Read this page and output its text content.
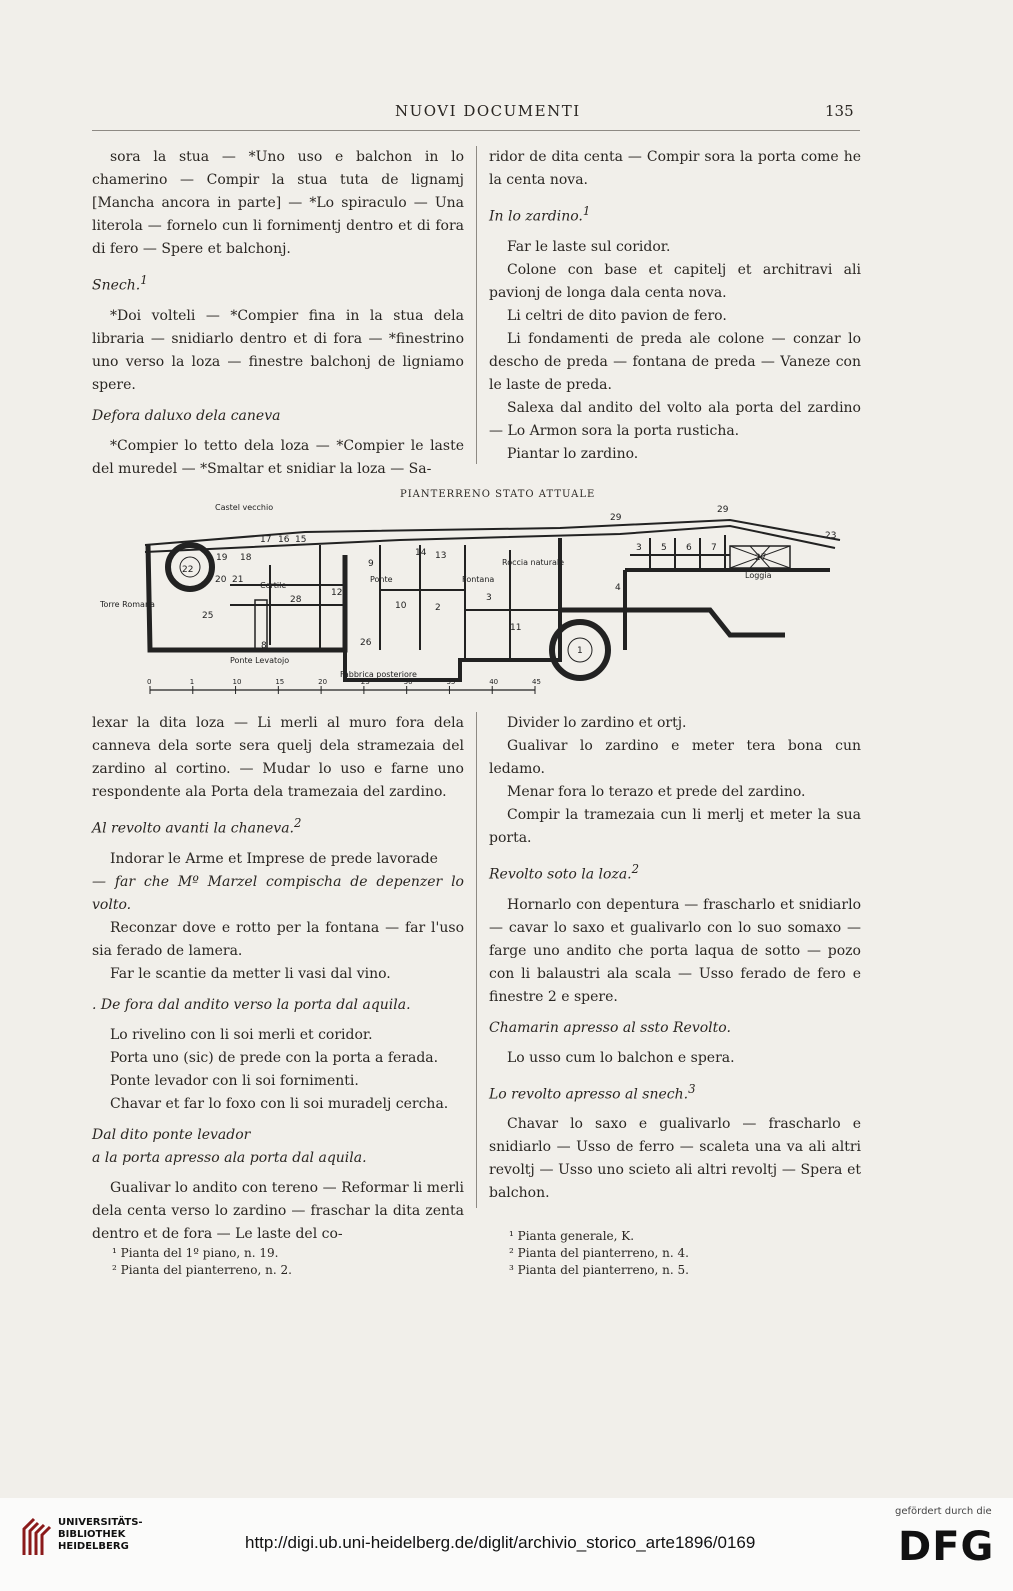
NUOVI DOCUMENTI	135

sora la stua — *Uno uso e balchon in lo chamerino — Compir la stua tuta de lignamj [Mancha ancora in parte] — *Lo spiraculo — Una literola — fornelo cun li fornimentj dentro et di fora di fero — Spere et balchonj.

Snech.$^1$

*Doi volteli — *Compier fina in la stua dela libraria — snidiarlo dentro et di fora — *finestrino uno verso la loza — finestre balchonj de ligniamo spere.

Defora daluxo dela caneva

*Compier lo tetto dela loza — *Compier le laste del muredel — *Smaltar et snidiar la loza — Sa-

ridor de dita centa — Compir sora la porta come he la centa nova.

In lo zardino.$^1$

Far le laste sul coridor.

Colone con base et capitelj et architravi ali pavionj de longa dala centa nova.

Li celtri de dito pavion de fero.

Li fondamenti de preda ale colone — conzar lo descho de preda — fontana de preda — Vaneze con le laste de preda.

Salexa dal andito del volto ala porta del zardino — Lo Armon sora la porta rusticha.

Piantar lo zardino.

PIANTERRENO STATO ATTUALE
Castel vecchio
Torre Romana
Cortile
Ponte
Ponte Levatojo
Fontana
Roccia naturale
Loggia
Fabbrica posteriore
29
29
23
27
3 5 6 7
4
1
2
3
11
12
13
14
15
16
17
18
19
20 21
22
25
26
28
9
8
10
0	1	10	15	20	25	30	35	40	45

lexar la dita loza — Li merli al muro fora dela canneva dela sorte sera quelj dela stramezaia del zardino al cortino. — Mudar lo uso e farne uno respondente ala Porta dela tramezaia del zardino.

Al revolto avanti la chaneva.$^2$

Indorar le Arme et Imprese de prede lavorade

— far che Mº Marzel compischa de depenzer lo volto.

Reconzar dove e rotto per la fontana — far l'uso sia ferado de lamera.

Far le scantie da metter li vasi dal vino.

. De fora dal andito verso la porta dal aquila.

Lo rivelino con li soi merli et coridor.

Porta uno (sic) de prede con la porta a ferada.

Ponte levador con li soi fornimenti.

Chavar et far lo foxo con li soi muradelj cercha.

Dal dito ponte levador

a la porta apresso ala porta dal aquila.

Gualivar lo andito con tereno — Reformar li merli dela centa verso lo zardino — fraschar la dita zenta dentro et de fora — Le laste del co-

Divider lo zardino et ortj.

Gualivar lo zardino e meter tera bona cun ledamo.

Menar fora lo terazo et prede del zardino.

Compir la tramezaia cun li merlj et meter la sua porta.

Revolto soto la loza.$^2$

Hornarlo con depentura — frascharlo et snidiarlo — cavar lo saxo et gualivarlo con lo suo somaxo — farge uno andito che porta laqua de sotto — pozo con li balaustri ala scala — Usso ferado de fero e finestre 2 e spere.

Chamarin apresso al ssto Revolto.

Lo usso cum lo balchon e spera.

Lo revolto apresso al snech.$^3$

Chavar lo saxo e gualivarlo — frascharlo e snidiarlo — Usso de ferro — scaleta una va ali altri revoltj — Usso uno scieto ali altri revoltj — Spera et balchon.

¹ Pianta del 1º piano, n. 19.
² Pianta del pianterreno, n. 2.
¹ Pianta generale, K.
² Pianta del pianterreno, n. 4.
³ Pianta del pianterreno, n. 5.
UNIVERSITÄTS-
BIBLIOTHEK
HEIDELBERG	http://digi.ub.uni-heidelberg.de/diglit/archivio_storico_arte1896/0169
gefördert durch die
DFG
